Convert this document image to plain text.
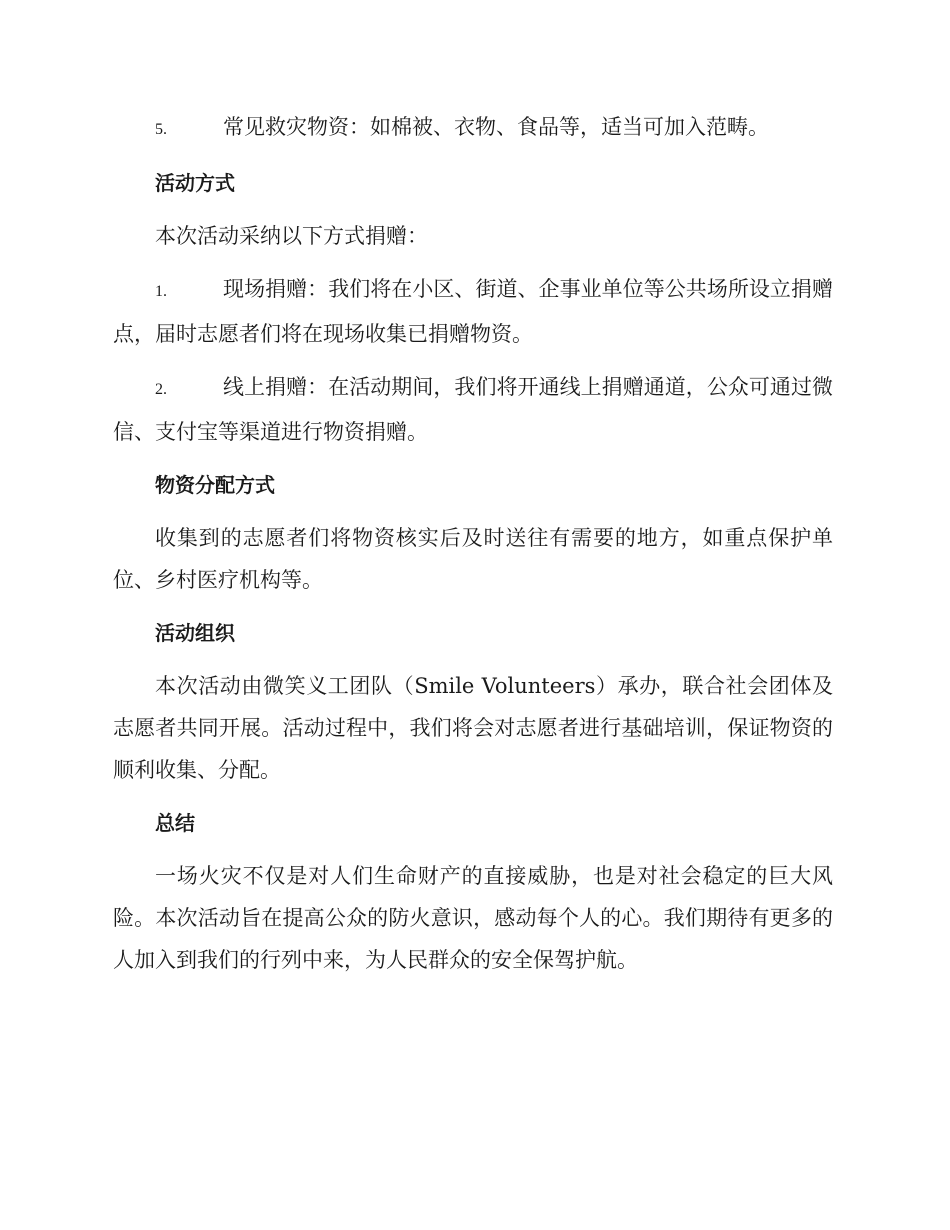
5.	常见救灾物资：如棉被、衣物、食品等，适当可加入范畴。
活动方式
本次活动采纳以下方式捐赠：
1.	现场捐赠：我们将在小区、街道、企事业单位等公共场所设立捐赠点，届时志愿者们将在现场收集已捐赠物资。
2.	线上捐赠：在活动期间，我们将开通线上捐赠通道，公众可通过微信、支付宝等渠道进行物资捐赠。
物资分配方式
收集到的志愿者们将物资核实后及时送往有需要的地方，如重点保护单位、乡村医疗机构等。
活动组织
本次活动由微笑义工团队（Smile Volunteers）承办，联合社会团体及志愿者共同开展。活动过程中，我们将会对志愿者进行基础培训，保证物资的顺利收集、分配。
总结
一场火灾不仅是对人们生命财产的直接威胁，也是对社会稳定的巨大风险。本次活动旨在提高公众的防火意识，感动每个人的心。我们期待有更多的人加入到我们的行列中来，为人民群众的安全保驾护航。
